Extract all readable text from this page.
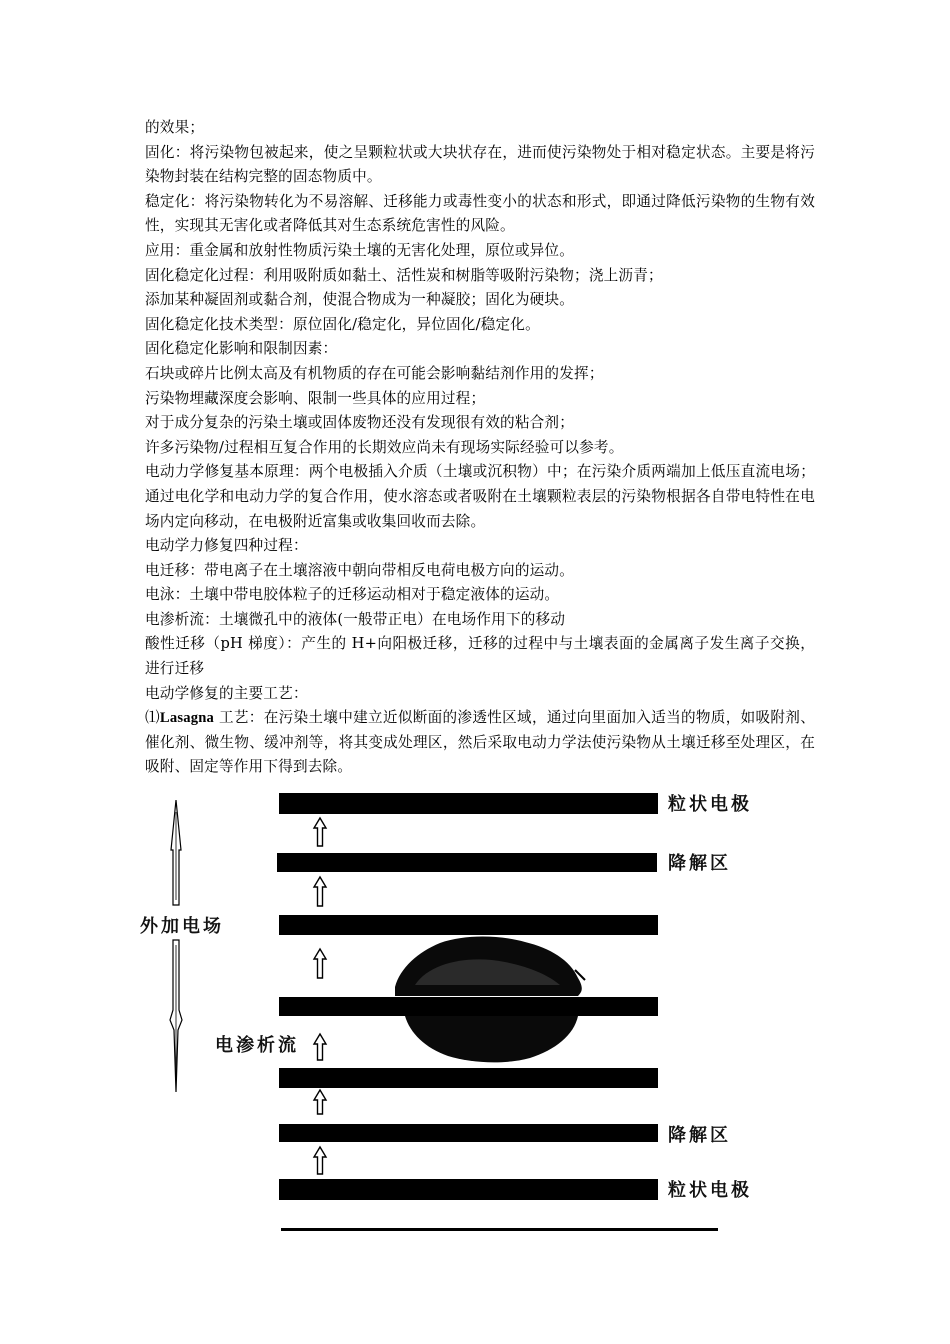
的效果；

固化：将污染物包被起来，使之呈颗粒状或大块状存在，进而使污染物处于相对稳定状态。主要是将污染物封装在结构完整的固态物质中。

稳定化：将污染物转化为不易溶解、迁移能力或毒性变小的状态和形式，即通过降低污染物的生物有效性，实现其无害化或者降低其对生态系统危害性的风险。

应用：重金属和放射性物质污染土壤的无害化处理，原位或异位。

固化稳定化过程：利用吸附质如黏土、活性炭和树脂等吸附污染物；浇上沥青；

添加某种凝固剂或黏合剂，使混合物成为一种凝胶；固化为硬块。

固化稳定化技术类型：原位固化/稳定化，异位固化/稳定化。

固化稳定化影响和限制因素：

石块或碎片比例太高及有机物质的存在可能会影响黏结剂作用的发挥；

污染物埋藏深度会影响、限制一些具体的应用过程；

对于成分复杂的污染土壤或固体废物还没有发现很有效的粘合剂；

许多污染物/过程相互复合作用的长期效应尚未有现场实际经验可以参考。

电动力学修复基本原理：两个电极插入介质（土壤或沉积物）中；在污染介质两端加上低压直流电场；通过电化学和电动力学的复合作用，使水溶态或者吸附在土壤颗粒表层的污染物根据各自带电特性在电场内定向移动，在电极附近富集或收集回收而去除。

电动学力修复四种过程：

电迁移：带电离子在土壤溶液中朝向带相反电荷电极方向的运动。

电泳：土壤中带电胶体粒子的迁移运动相对于稳定液体的运动。

电渗析流：土壤微孔中的液体(一般带正电）在电场作用下的移动

酸性迁移（pH 梯度）：产生的 H+向阳极迁移，迁移的过程中与土壤表面的金属离子发生离子交换，进行迁移

电动学修复的主要工艺：

⑴Lasagna 工艺：在污染土壤中建立近似断面的渗透性区域，通过向里面加入适当的物质，如吸附剂、催化剂、微生物、缓冲剂等，将其变成处理区，然后采取电动力学法使污染物从土壤迁移至处理区，在吸附、固定等作用下得到去除。

粒状电极
降解区
外加电场
电渗析流
降解区
粒状电极
